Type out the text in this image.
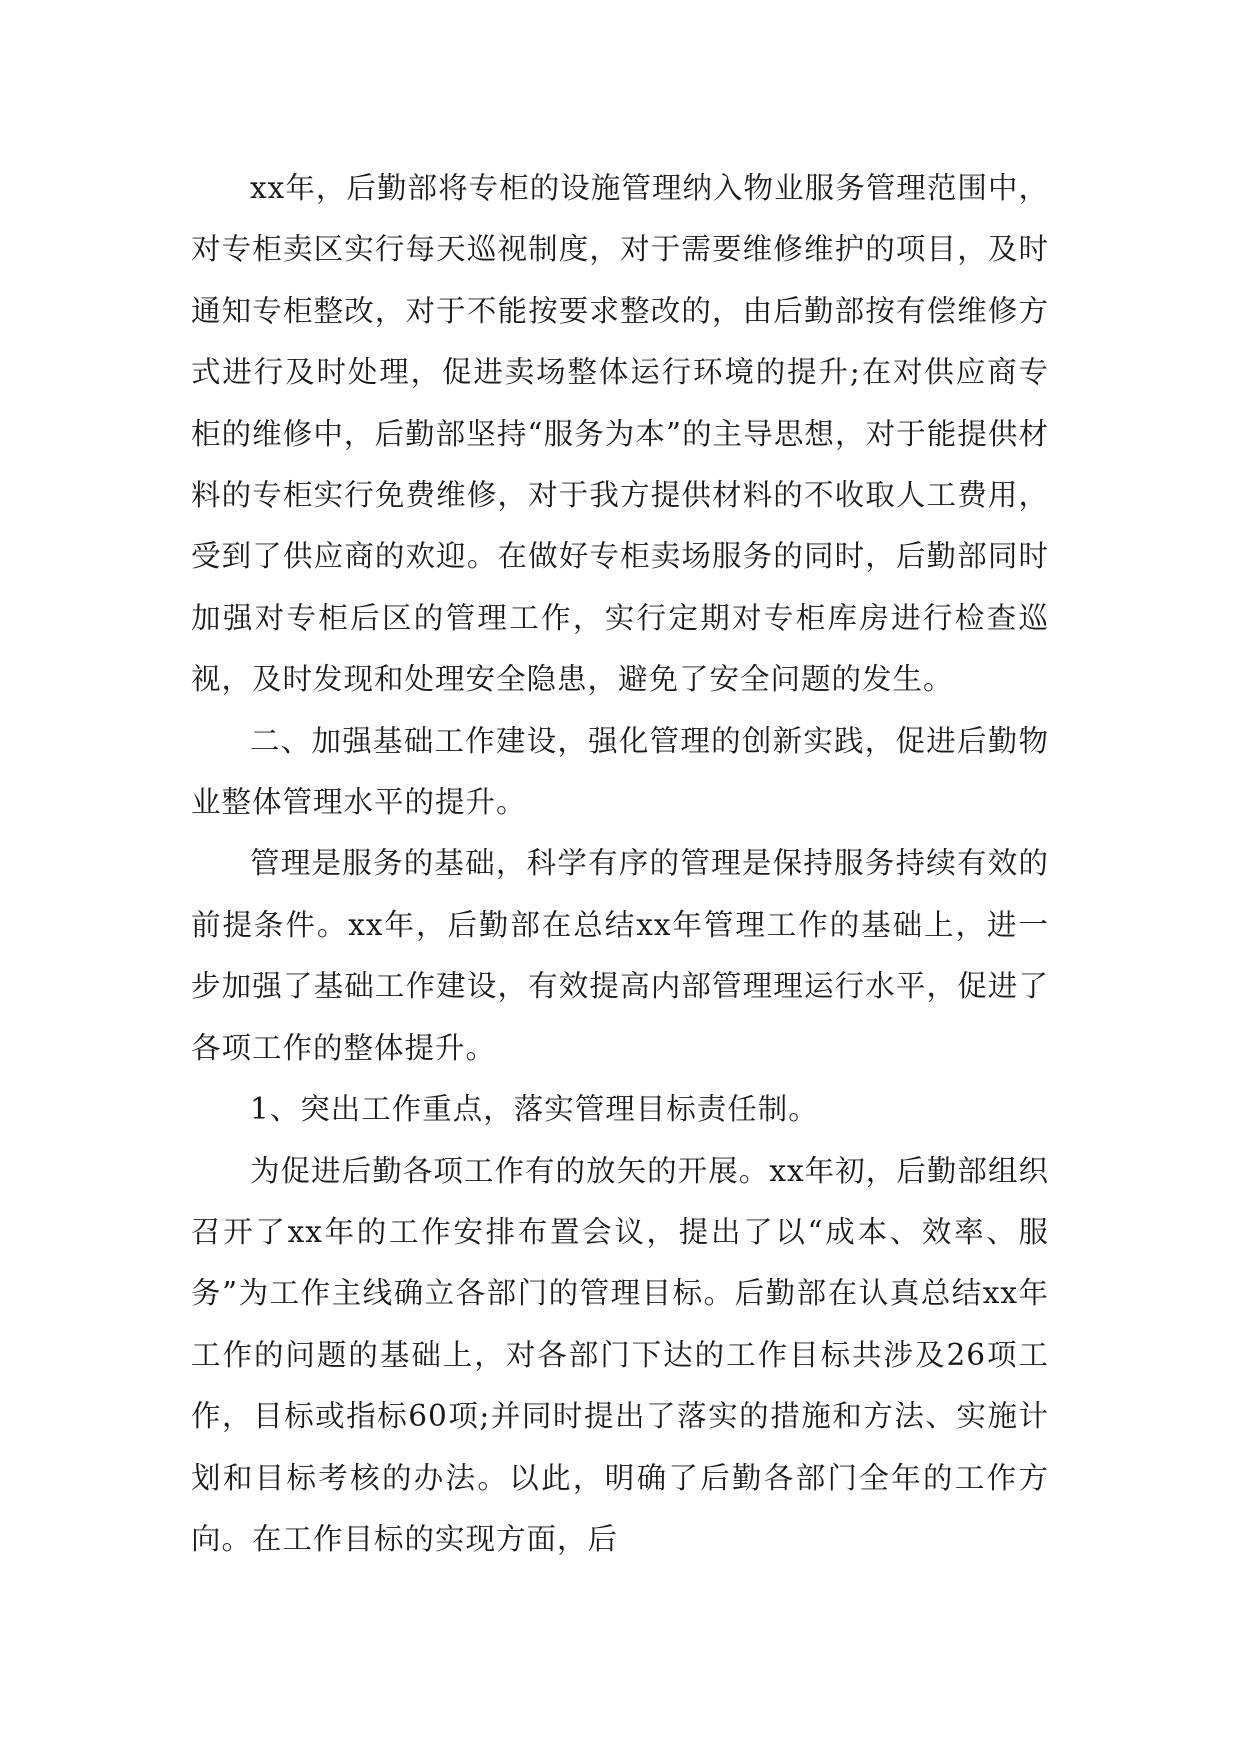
xx年，后勤部将专柜的设施管理纳入物业服务管理范围中，对专柜卖区实行每天巡视制度，对于需要维修维护的项目，及时通知专柜整改，对于不能按要求整改的，由后勤部按有偿维修方式进行及时处理，促进卖场整体运行环境的提升;在对供应商专柜的维修中，后勤部坚持“服务为本”的主导思想，对于能提供材料的专柜实行免费维修，对于我方提供材料的不收取人工费用，受到了供应商的欢迎。在做好专柜卖场服务的同时，后勤部同时加强对专柜后区的管理工作，实行定期对专柜库房进行检查巡视，及时发现和处理安全隐患，避免了安全问题的发生。

二、加强基础工作建设，强化管理的创新实践，促进后勤物业整体管理水平的提升。

管理是服务的基础，科学有序的管理是保持服务持续有效的前提条件。xx年，后勤部在总结xx年管理工作的基础上，进一步加强了基础工作建设，有效提高内部管理理运行水平，促进了各项工作的整体提升。

1、突出工作重点，落实管理目标责任制。

为促进后勤各项工作有的放矢的开展。xx年初，后勤部组织召开了xx年的工作安排布置会议，提出了以“成本、效率、服务”为工作主线确立各部门的管理目标。后勤部在认真总结xx年工作的问题的基础上，对各部门下达的工作目标共涉及26项工作，目标或指标60项;并同时提出了落实的措施和方法、实施计划和目标考核的办法。以此，明确了后勤各部门全年的工作方向。在工作目标的实现方面，后
